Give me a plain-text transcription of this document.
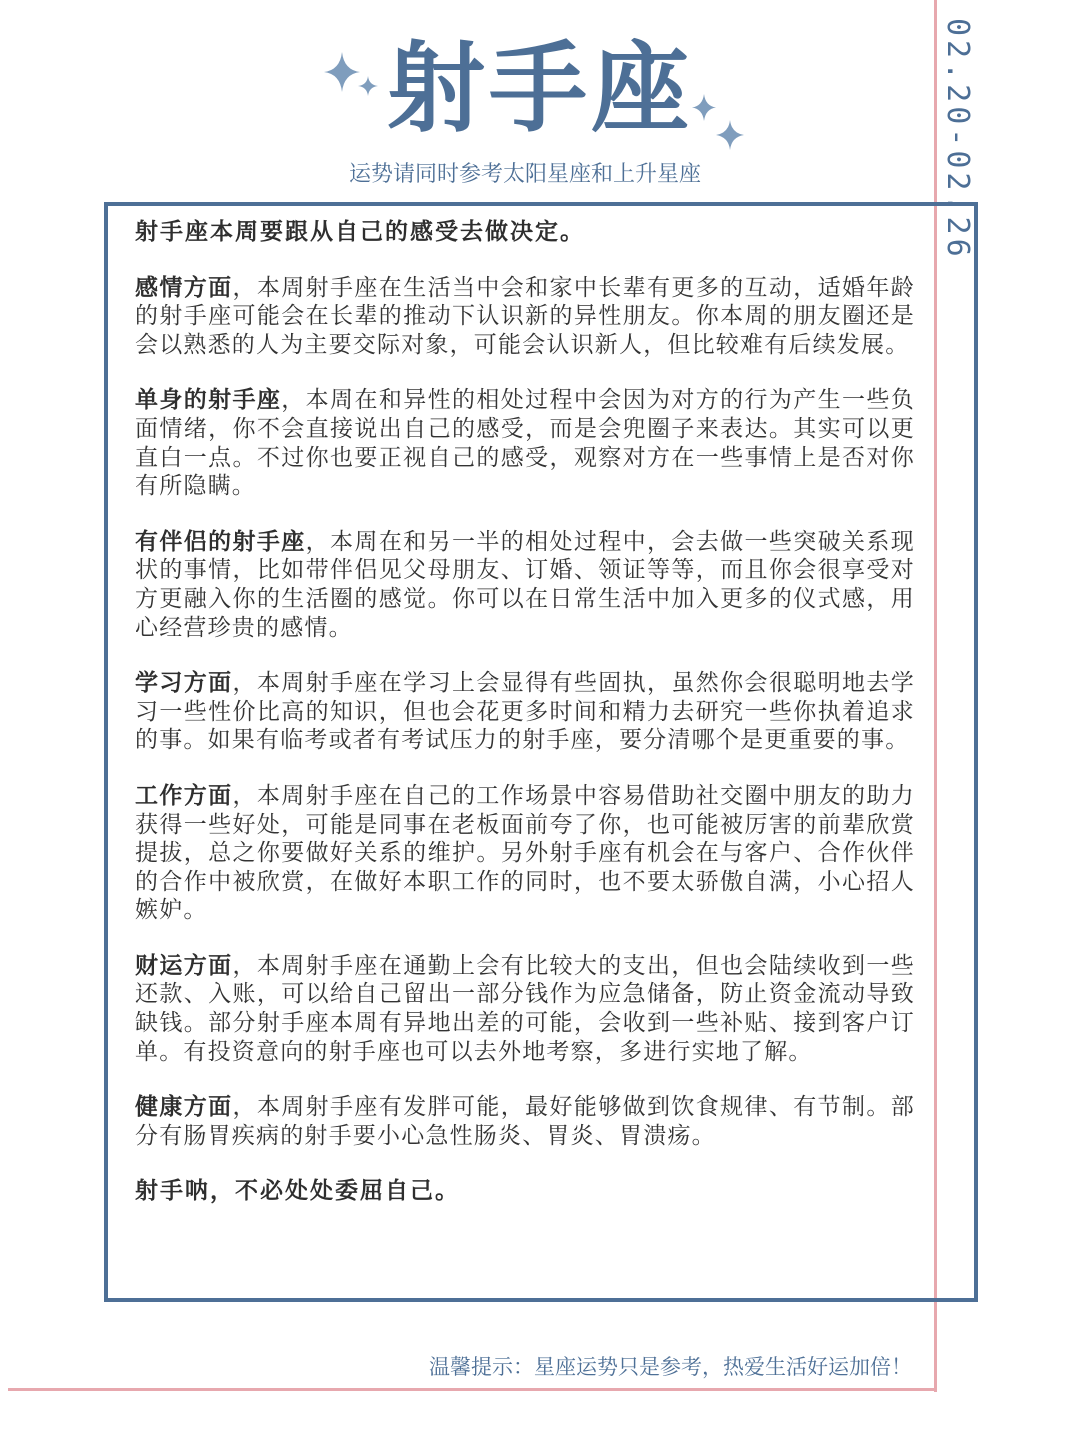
02.20-02.26
射手座
运势请同时参考太阳星座和上升星座

射手座本周要跟从自己的感受去做决定。

感情方面，本周射手座在生活当中会和家中长辈有更多的互动，适婚年龄的射手座可能会在长辈的推动下认识新的异性朋友。你本周的朋友圈还是会以熟悉的人为主要交际对象，可能会认识新人，但比较难有后续发展。

单身的射手座，本周在和异性的相处过程中会因为对方的行为产生一些负面情绪，你不会直接说出自己的感受，而是会兜圈子来表达。其实可以更直白一点。不过你也要正视自己的感受，观察对方在一些事情上是否对你有所隐瞒。

有伴侣的射手座，本周在和另一半的相处过程中，会去做一些突破关系现状的事情，比如带伴侣见父母朋友、订婚、领证等等，而且你会很享受对方更融入你的生活圈的感觉。你可以在日常生活中加入更多的仪式感，用心经营珍贵的感情。

学习方面，本周射手座在学习上会显得有些固执，虽然你会很聪明地去学习一些性价比高的知识，但也会花更多时间和精力去研究一些你执着追求的事。如果有临考或者有考试压力的射手座，要分清哪个是更重要的事。

工作方面，本周射手座在自己的工作场景中容易借助社交圈中朋友的助力获得一些好处，可能是同事在老板面前夸了你，也可能被厉害的前辈欣赏提拔，总之你要做好关系的维护。另外射手座有机会在与客户、合作伙伴的合作中被欣赏，在做好本职工作的同时，也不要太骄傲自满，小心招人嫉妒。

财运方面，本周射手座在通勤上会有比较大的支出，但也会陆续收到一些还款、入账，可以给自己留出一部分钱作为应急储备，防止资金流动导致缺钱。部分射手座本周有异地出差的可能，会收到一些补贴、接到客户订单。有投资意向的射手座也可以去外地考察，多进行实地了解。

健康方面，本周射手座有发胖可能，最好能够做到饮食规律、有节制。部分有肠胃疾病的射手要小心急性肠炎、胃炎、胃溃疡。

射手呐，不必处处委屈自己。

温馨提示：星座运势只是参考，热爱生活好运加倍！
